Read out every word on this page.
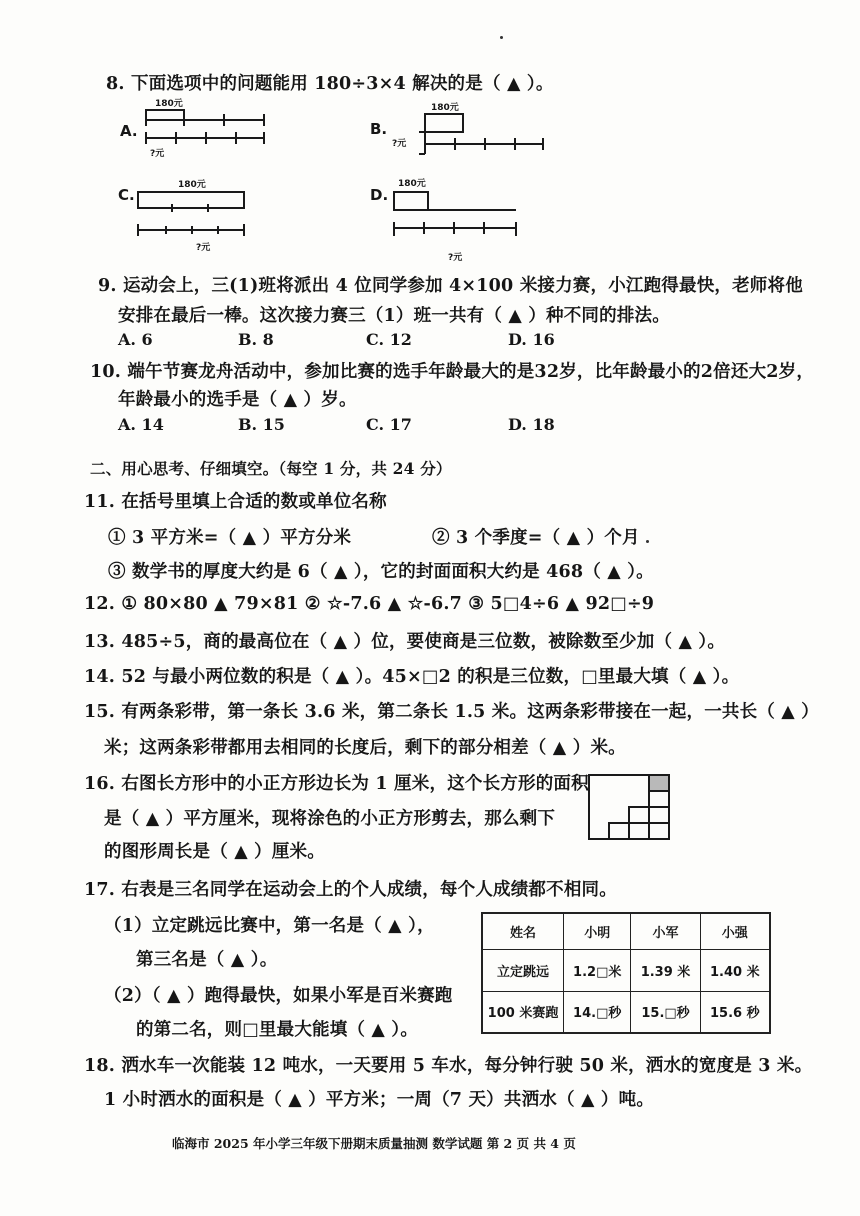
8. 下面选项中的问题能用 180÷3×4 解决的是（ ▲ ）。
A.
180元
?元
B.
180元
?元
C.
180元
?元
D.
180元
?元
9. 运动会上，三(1)班将派出 4 位同学参加 4×100 米接力赛，小江跑得最快，老师将他
安排在最后一棒。这次接力赛三（1）班一共有（ ▲ ）种不同的排法。
A. 6	B. 8	C. 12	D. 16
10. 端午节赛龙舟活动中，参加比赛的选手年龄最大的是32岁，比年龄最小的2倍还大2岁，
年龄最小的选手是（ ▲ ）岁。
A. 14	B. 15	C. 17	D. 18
二、用心思考、仔细填空。（每空 1 分，共 24 分）
11. 在括号里填上合适的数或单位名称
① 3 平方米=（ ▲ ）平方分米	② 3 个季度=（ ▲ ）个月
③ 数学书的厚度大约是 6（ ▲ ），它的封面面积大约是 468（ ▲ ）。
12. ① 80×80 ▲ 79×81 ② ☆-7.6 ▲ ☆-6.7 ③ 5□4÷6 ▲ 92□÷9
13. 485÷5，商的最高位在（ ▲ ）位，要使商是三位数，被除数至少加（ ▲ ）。
14. 52 与最小两位数的积是（ ▲ ）。45×□2 的积是三位数，□里最大填（ ▲ ）。
15. 有两条彩带，第一条长 3.6 米，第二条长 1.5 米。这两条彩带接在一起，一共长（ ▲ ）
米；这两条彩带都用去相同的长度后，剩下的部分相差（ ▲ ）米。
16. 右图长方形中的小正方形边长为 1 厘米，这个长方形的面积
是（ ▲ ）平方厘米，现将涂色的小正方形剪去，那么剩下
的图形周长是（ ▲ ）厘米。
17. 右表是三名同学在运动会上的个人成绩，每个人成绩都不相同。
（1）立定跳远比赛中，第一名是（ ▲ ），
第三名是（ ▲ ）。
（2）（ ▲ ）跑得最快，如果小军是百米赛跑
的第二名，则□里最大能填（ ▲ ）。
姓名	小明	小军	小强
立定跳远	1.2□米	1.39 米	1.40 米
100 米赛跑	14.□秒	15.□秒	15.6 秒
18. 洒水车一次能装 12 吨水，一天要用 5 车水，每分钟行驶 50 米，洒水的宽度是 3 米。
1 小时洒水的面积是（ ▲ ）平方米；一周（7 天）共洒水（ ▲ ）吨。
临海市 2025 年小学三年级下册期末质量抽测 数学试题 第 2 页 共 4 页
